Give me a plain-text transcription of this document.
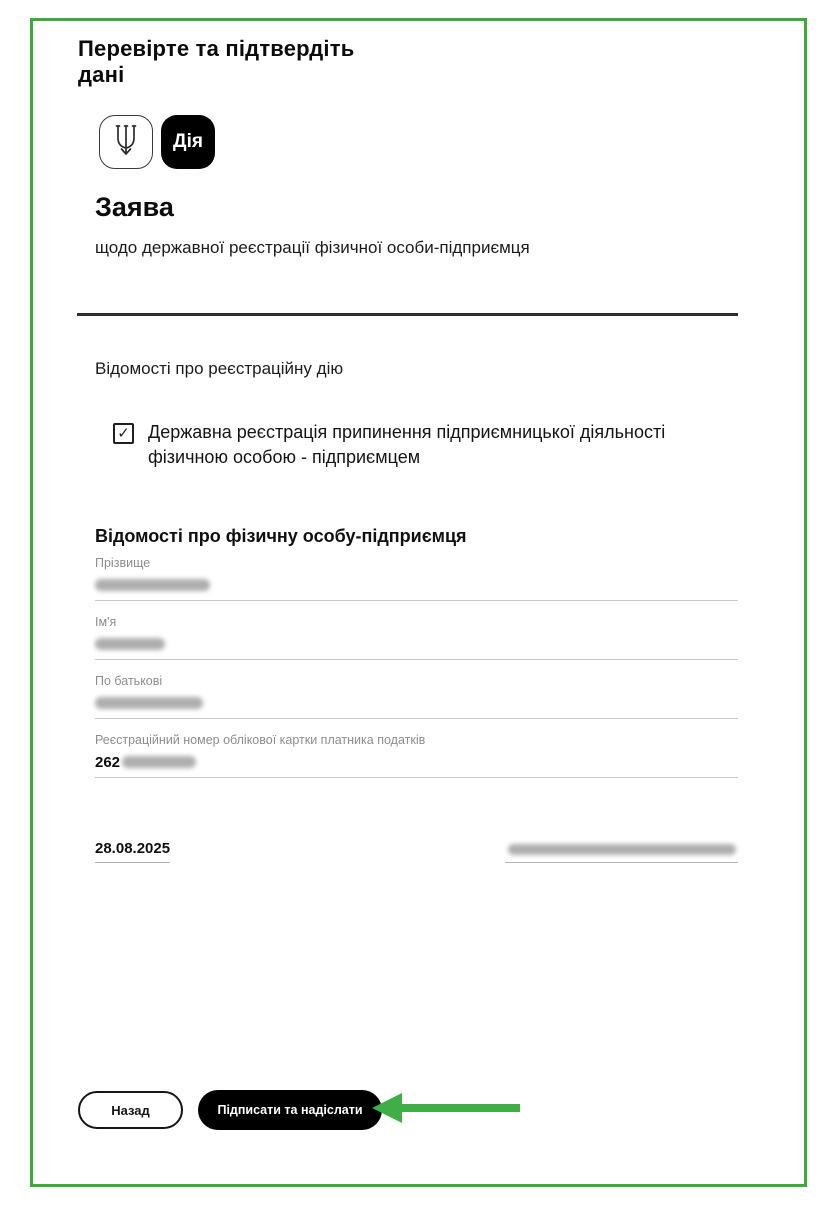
Перевірте та підтвердіть
дані
Дія
Заява
щодо державної реєстрації фізичної особи-підприємця
Відомості про реєстраційну дію
✓ Державна реєстрація припинення підприємницької діяльності фізичною особою - підприємцем
Відомості про фізичну особу-підприємця
Прізвище
Ім'я
По батькові
Реєстраційний номер облікової картки платника податків
262
28.08.2025
Назад	Підписати та надіслати
